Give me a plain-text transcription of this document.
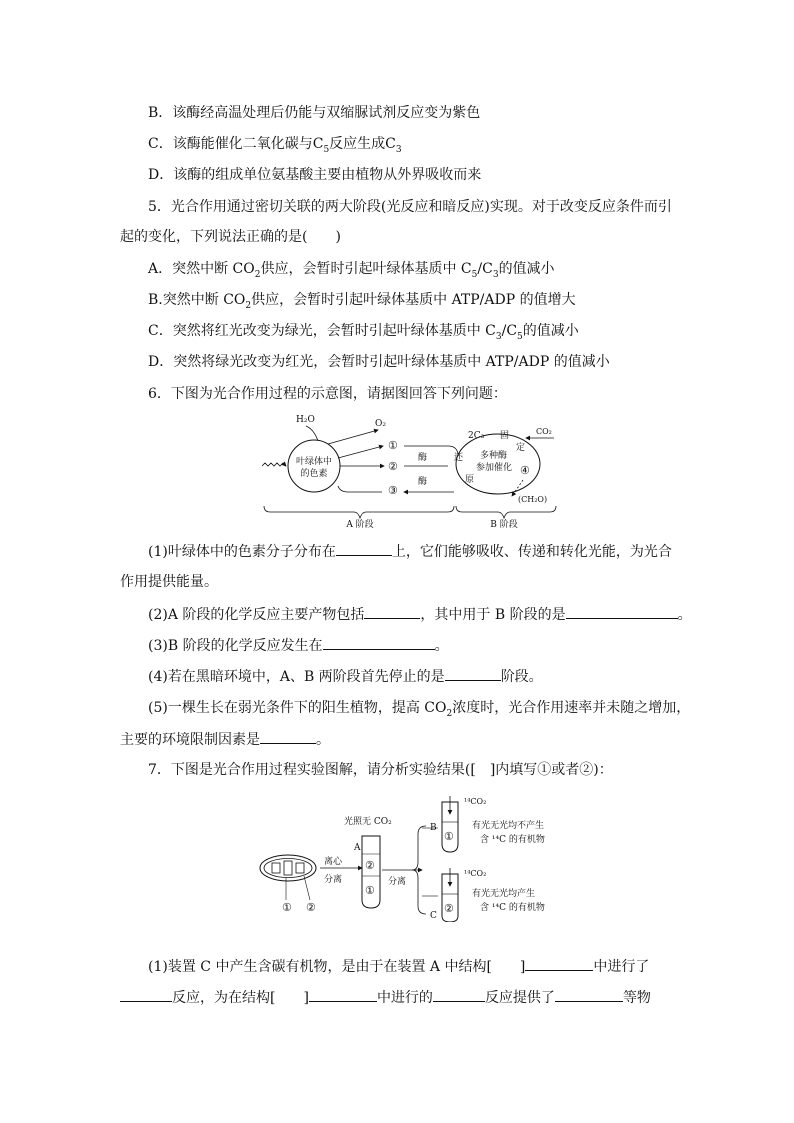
B．该酶经高温处理后仍能与双缩脲试剂反应变为紫色
C．该酶能催化二氧化碳与$C_5$反应生成$C_3$
D．该酶的组成单位氨基酸主要由植物从外界吸收而来
5．光合作用通过密切关联的两大阶段(光反应和暗反应)实现。对于改变反应条件而引
起的变化，下列说法正确的是(　　)
A．突然中断 $CO_2$供应，会暂时引起叶绿体基质中 $C_5/C_3$的值减小
B.突然中断 $CO_2$供应，会暂时引起叶绿体基质中 ATP/ADP 的值增大
C．突然将红光改变为绿光，会暂时引起叶绿体基质中 $C_3/C_5$的值减小
D．突然将绿光改变为红光，会暂时引起叶绿体基质中 ATP/ADP 的值减小
6．下图为光合作用过程的示意图，请据图回答下列问题：
H₂O
叶绿体中
的色素
O₂
①
②
③
酶
酶
2C₃ 固
定
CO₂
还
原
多种酶
参加催化 ④
(CH₂O)
A 阶段	B 阶段
(1)叶绿体中的色素分子分布在	上，它们能够吸收、传递和转化光能，为光合
作用提供能量。
(2)A 阶段的化学反应主要产物包括	，其中用于 B 阶段的是	。
(3)B 阶段的化学反应发生在	。
(4)若在黑暗环境中，A、B 两阶段首先停止的是	阶段。
(5)一棵生长在弱光条件下的阳生植物，提高 $CO_2$浓度时，光合作用速率并未随之增加，
主要的环境限制因素是	。
7．下图是光合作用过程实验图解，请分析实验结果([　]内填写①或者②)：
① ②
离心
分离
光照无 CO₂
A
②
①
分离
B
C
①
¹⁴CO₂
有光无光均不产生
含 ¹⁴C 的有机物
②
¹⁴CO₂
有光无光均产生
含 ¹⁴C 的有机物
(1)装置 C 中产生含碳有机物，是由于在装置 A 中结构[　　]	中进行了
反应，为在结构[　　]	中进行的	反应提供了	等物
